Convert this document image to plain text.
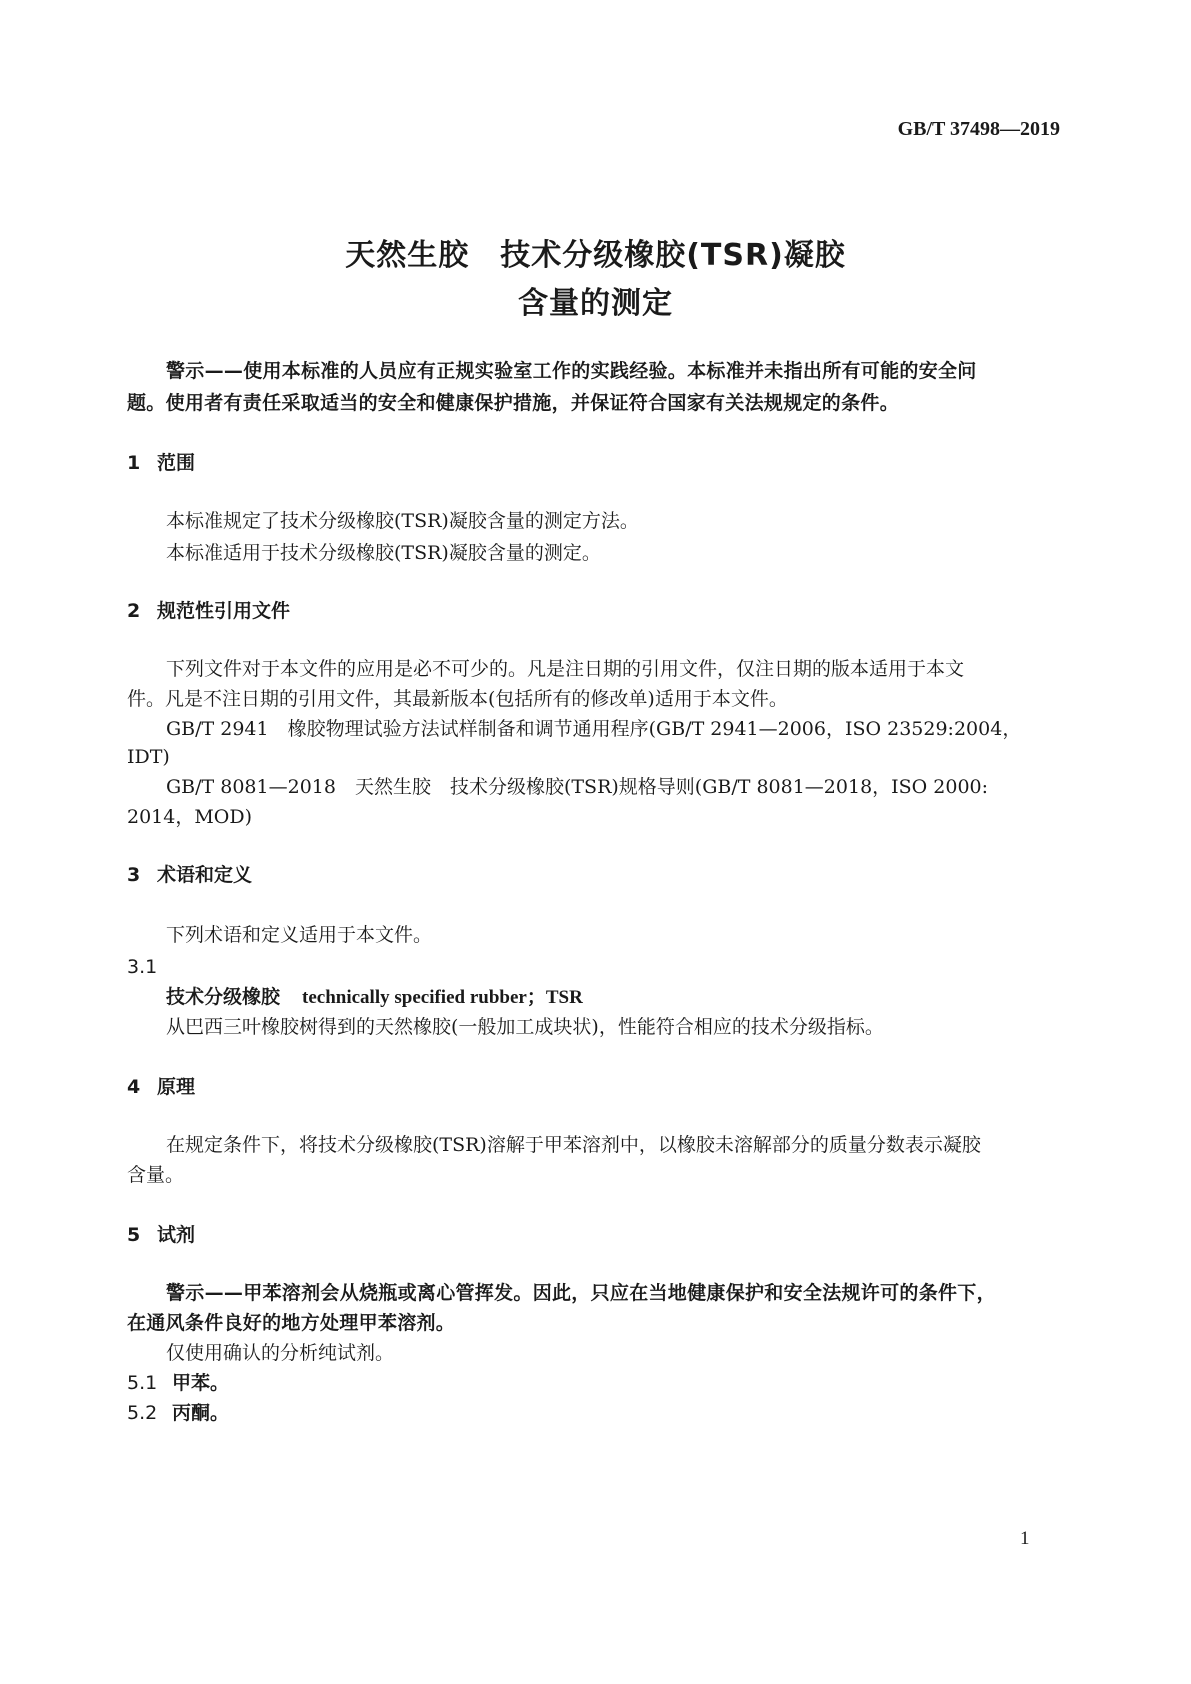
GB/T 37498—2019
天然生胶　技术分级橡胶(TSR)凝胶
含量的测定
警示——使用本标准的人员应有正规实验室工作的实践经验。本标准并未指出所有可能的安全问
题。使用者有责任采取适当的安全和健康保护措施，并保证符合国家有关法规规定的条件。
1 范围
本标准规定了技术分级橡胶(TSR)凝胶含量的测定方法。
本标准适用于技术分级橡胶(TSR)凝胶含量的测定。
2 规范性引用文件
下列文件对于本文件的应用是必不可少的。凡是注日期的引用文件，仅注日期的版本适用于本文
件。凡是不注日期的引用文件，其最新版本(包括所有的修改单)适用于本文件。
GB/T 2941　橡胶物理试验方法试样制备和调节通用程序(GB/T 2941—2006，ISO 23529:2004，
IDT)
GB/T 8081—2018　天然生胶　技术分级橡胶(TSR)规格导则(GB/T 8081—2018，ISO 2000:
2014，MOD)
3 术语和定义
下列术语和定义适用于本文件。
3.1
技术分级橡胶 technically specified rubber；TSR
从巴西三叶橡胶树得到的天然橡胶(一般加工成块状)，性能符合相应的技术分级指标。
4 原理
在规定条件下，将技术分级橡胶(TSR)溶解于甲苯溶剂中，以橡胶未溶解部分的质量分数表示凝胶
含量。
5 试剂
警示——甲苯溶剂会从烧瓶或离心管挥发。因此，只应在当地健康保护和安全法规许可的条件下，
在通风条件良好的地方处理甲苯溶剂。
仅使用确认的分析纯试剂。
5.1 甲苯。
5.2 丙酮。
1
